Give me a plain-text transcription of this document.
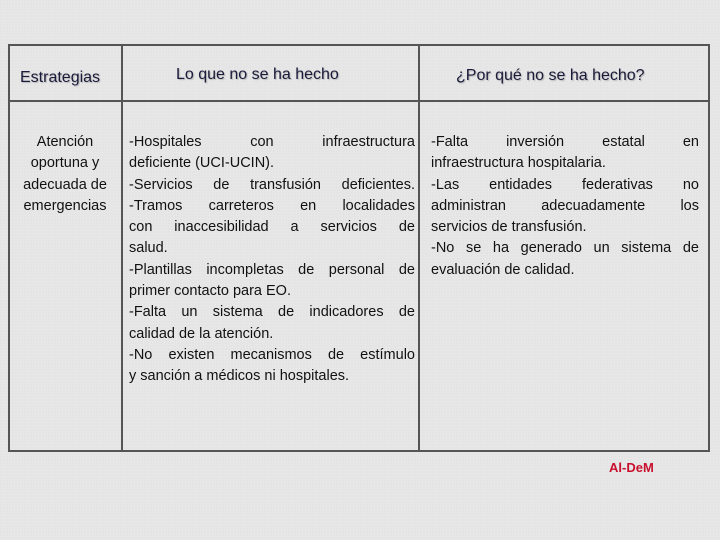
Estrategias	Lo que no se ha hecho	¿Por qué no se ha hecho?
Atención
oportuna y
adecuada de
emergencias
-Hospitales con infraestructura
deficiente (UCI-UCIN).
-Servicios de transfusión deficientes.
-Tramos carreteros en localidades
con inaccesibilidad a servicios de
salud.
-Plantillas incompletas de personal de
primer contacto para EO.
-Falta un sistema de indicadores de
calidad de la atención.
-No existen mecanismos de estímulo
y sanción a médicos ni hospitales.
-Falta inversión estatal en
infraestructura hospitalaria.
-Las entidades federativas no
administran adecuadamente los
servicios de transfusión.
-No se ha generado un sistema de
evaluación de calidad.
Al-DeM
